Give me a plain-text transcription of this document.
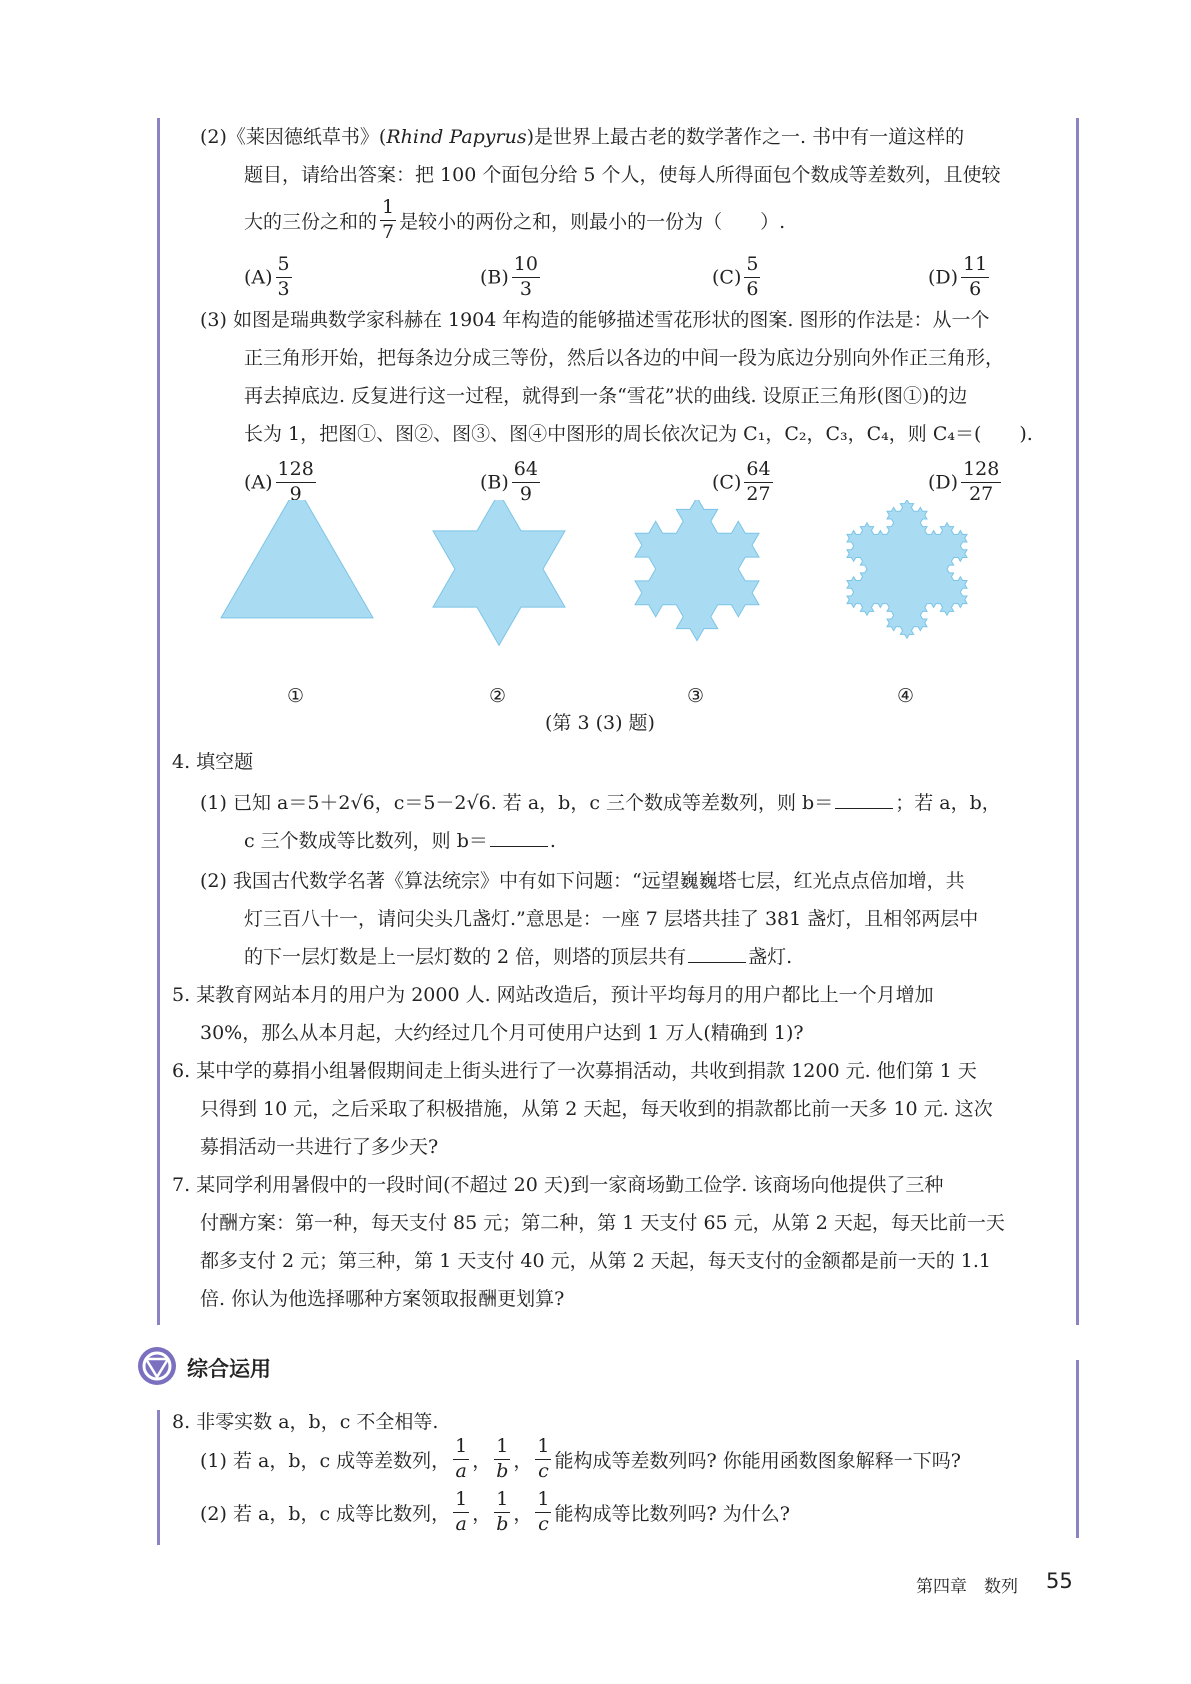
(2)《莱因德纸草书》(Rhind Papyrus)是世界上最古老的数学著作之一. 书中有一道这样的
题目，请给出答案：把 100 个面包分给 5 个人，使每人所得面包个数成等差数列，且使较
大的三份之和的 $\frac{1}{7}$ 是较小的两份之和，则最小的一份为（　　）.
$(A) \frac{5}{3}$	$(B) \frac{10}{3}$	$(C) \frac{5}{6}$	$(D) \frac{11}{6}$
(3) 如图是瑞典数学家科赫在 1904 年构造的能够描述雪花形状的图案. 图形的作法是：从一个
正三角形开始，把每条边分成三等份，然后以各边的中间一段为底边分别向外作正三角形，
再去掉底边. 反复进行这一过程，就得到一条“雪花”状的曲线. 设原正三角形(图①)的边
长为 1，把图①、图②、图③、图④中图形的周长依次记为 C₁，C₂，C₃，C₄，则 C₄＝(　　).
$(A) \frac{128}{9}$	$(B) \frac{64}{9}$	$(C) \frac{64}{27}$	$(D) \frac{128}{27}$
①	②	③	④
(第 3 (3) 题)
4. 填空题
(1) 已知 a＝5＋2√6，c＝5－2√6. 若 a，b，c 三个数成等差数列，则 b＝	；若 a，b，
c 三个数成等比数列，则 b＝	.
(2) 我国古代数学名著《算法统宗》中有如下问题：“远望巍巍塔七层，红光点点倍加增，共
灯三百八十一，请问尖头几盏灯.”意思是：一座 7 层塔共挂了 381 盏灯，且相邻两层中
的下一层灯数是上一层灯数的 2 倍，则塔的顶层共有	盏灯.
5. 某教育网站本月的用户为 2000 人. 网站改造后，预计平均每月的用户都比上一个月增加
30%，那么从本月起，大约经过几个月可使用户达到 1 万人(精确到 1)?
6. 某中学的募捐小组暑假期间走上街头进行了一次募捐活动，共收到捐款 1200 元. 他们第 1 天
只得到 10 元，之后采取了积极措施，从第 2 天起，每天收到的捐款都比前一天多 10 元. 这次
募捐活动一共进行了多少天?
7. 某同学利用暑假中的一段时间(不超过 20 天)到一家商场勤工俭学. 该商场向他提供了三种
付酬方案：第一种，每天支付 85 元；第二种，第 1 天支付 65 元，从第 2 天起，每天比前一天
都多支付 2 元；第三种，第 1 天支付 40 元，从第 2 天起，每天支付的金额都是前一天的 1.1
倍. 你认为他选择哪种方案领取报酬更划算?
综合运用
8. 非零实数 a，b，c 不全相等.
(1) 若 a，b，c 成等差数列， $\frac{1}{a}$ ， $\frac{1}{b}$ ， $\frac{1}{c}$ 能构成等差数列吗? 你能用函数图象解释一下吗?
(2) 若 a，b，c 成等比数列， $\frac{1}{a}$ ， $\frac{1}{b}$ ， $\frac{1}{c}$ 能构成等比数列吗? 为什么?
第四章　数列 55
